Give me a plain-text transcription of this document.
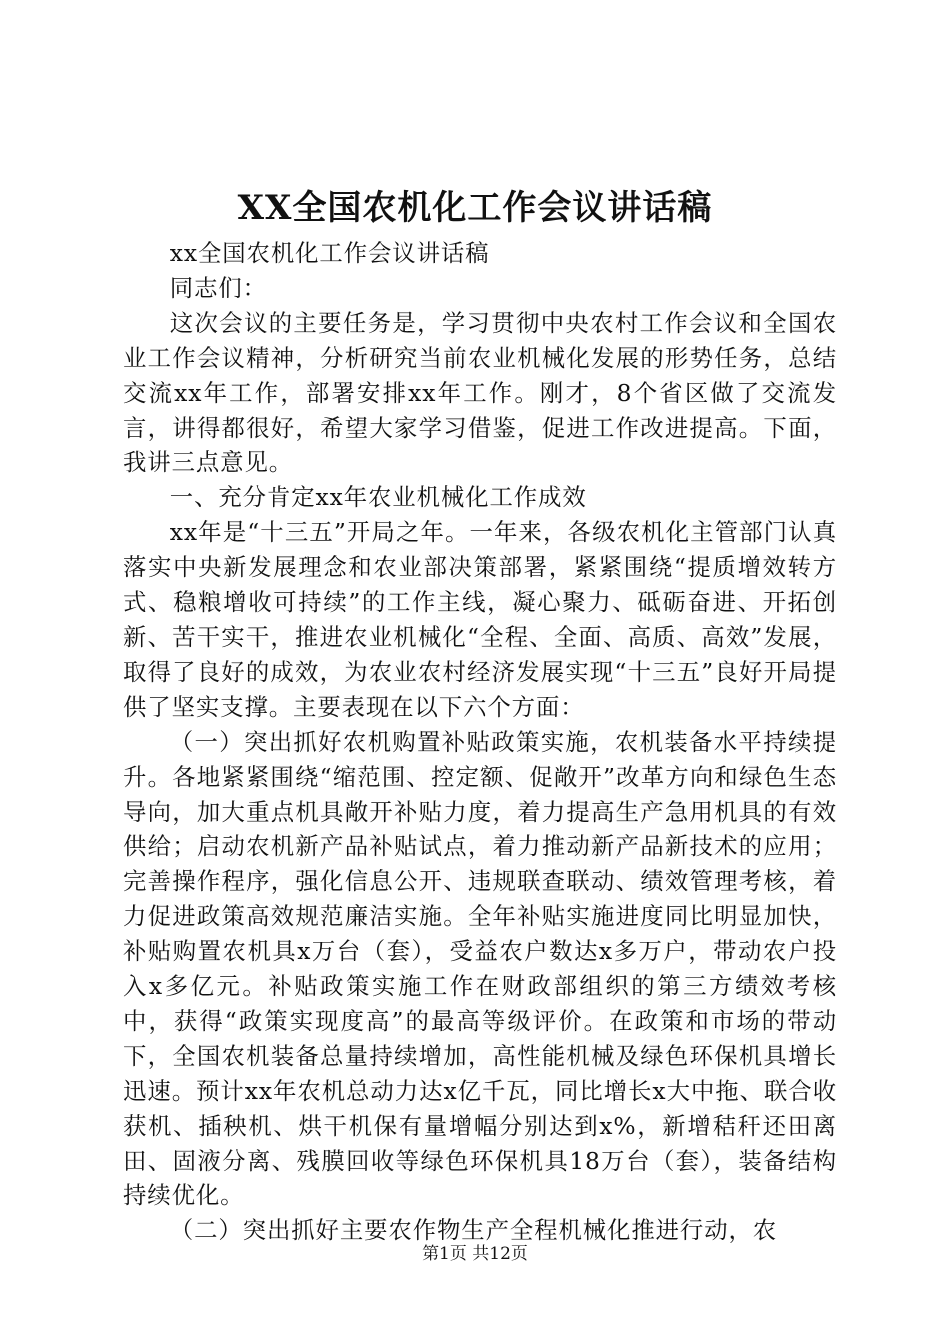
XX全国农机化工作会议讲话稿

xx全国农机化工作会议讲话稿

同志们：

这次会议的主要任务是，学习贯彻中央农村工作会议和全国农业工作会议精神，分析研究当前农业机械化发展的形势任务，总结交流xx年工作，部署安排xx年工作。刚才，8个省区做了交流发言，讲得都很好，希望大家学习借鉴，促进工作改进提高。下面，我讲三点意见。

一、充分肯定xx年农业机械化工作成效

xx年是“十三五”开局之年。一年来，各级农机化主管部门认真落实中央新发展理念和农业部决策部署，紧紧围绕“提质增效转方式、稳粮增收可持续”的工作主线，凝心聚力、砥砺奋进、开拓创新、苦干实干，推进农业机械化“全程、全面、高质、高效”发展，取得了良好的成效，为农业农村经济发展实现“十三五”良好开局提供了坚实支撑。主要表现在以下六个方面：

（一）突出抓好农机购置补贴政策实施，农机装备水平持续提升。各地紧紧围绕“缩范围、控定额、促敞开”改革方向和绿色生态导向，加大重点机具敞开补贴力度，着力提高生产急用机具的有效供给；启动农机新产品补贴试点，着力推动新产品新技术的应用；完善操作程序，强化信息公开、违规联查联动、绩效管理考核，着力促进政策高效规范廉洁实施。全年补贴实施进度同比明显加快，补贴购置农机具x万台（套），受益农户数达x多万户，带动农户投入x多亿元。补贴政策实施工作在财政部组织的第三方绩效考核中，获得“政策实现度高”的最高等级评价。在政策和市场的带动下，全国农机装备总量持续增加，高性能机械及绿色环保机具增长迅速。预计xx年农机总动力达x亿千瓦，同比增长x大中拖、联合收获机、插秧机、烘干机保有量增幅分别达到x%，新增秸秆还田离田、固液分离、残膜回收等绿色环保机具18万台（套），装备结构持续优化。

（二）突出抓好主要农作物生产全程机械化推进行动，农

第1页 共12页
